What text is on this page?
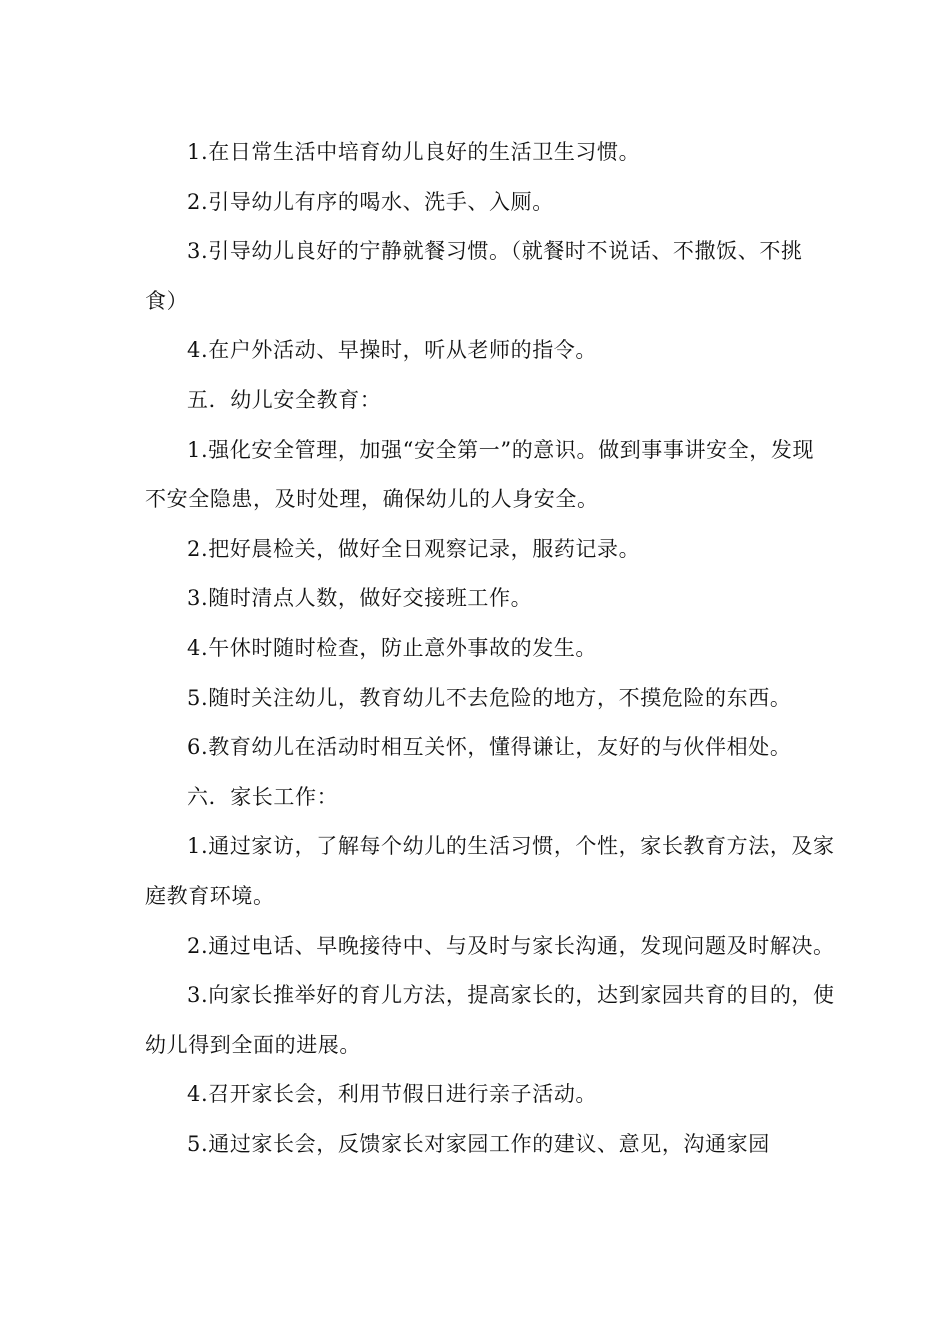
1.在日常生活中培育幼儿良好的生活卫生习惯。

2.引导幼儿有序的喝水、洗手、入厕。

3.引导幼儿良好的宁静就餐习惯。（就餐时不说话、不撒饭、不挑食）

4.在户外活动、早操时，听从老师的指令。

五．幼儿安全教育：

1.强化安全管理，加强“安全第一”的意识。做到事事讲安全，发现不安全隐患，及时处理，确保幼儿的人身安全。

2.把好晨检关，做好全日观察记录，服药记录。

3.随时清点人数，做好交接班工作。

4.午休时随时检查，防止意外事故的发生。

5.随时关注幼儿，教育幼儿不去危险的地方，不摸危险的东西。

6.教育幼儿在活动时相互关怀，懂得谦让，友好的与伙伴相处。

六．家长工作：

1.通过家访，了解每个幼儿的生活习惯，个性，家长教育方法，及家庭教育环境。

2.通过电话、早晚接待中、与及时与家长沟通，发现问题及时解决。

3.向家长推举好的育儿方法，提高家长的，达到家园共育的目的，使幼儿得到全面的进展。

4.召开家长会，利用节假日进行亲子活动。

5.通过家长会，反馈家长对家园工作的建议、意见，沟通家园
